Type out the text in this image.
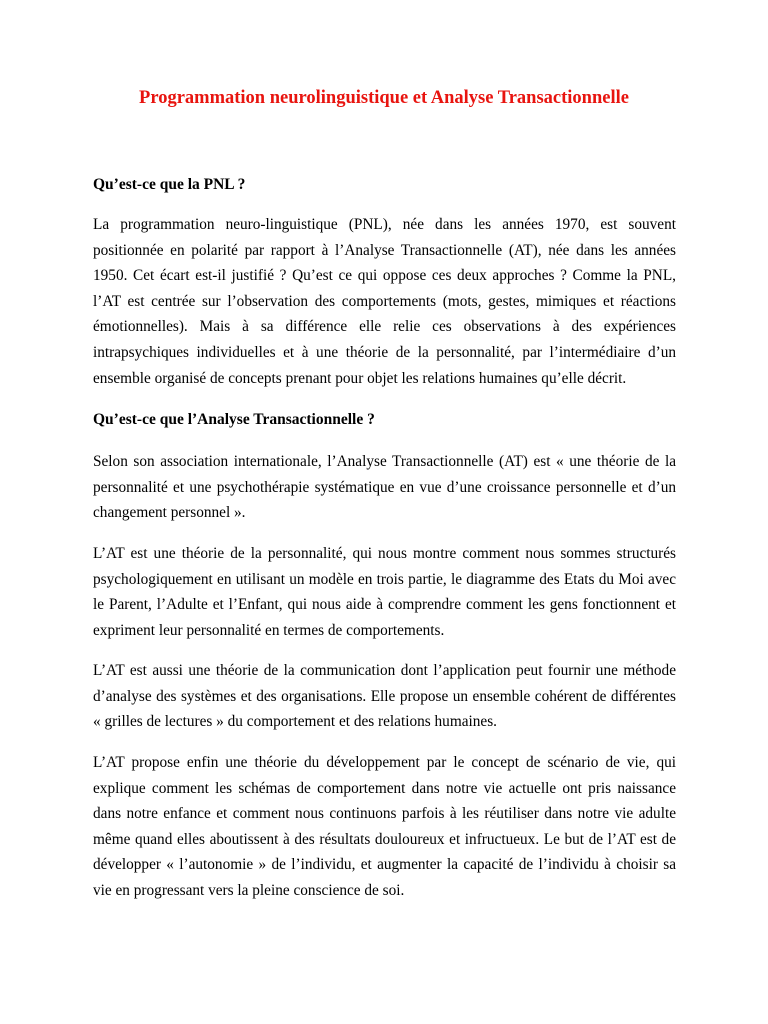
Programmation neurolinguistique et Analyse Transactionnelle
Qu’est-ce que la PNL ?

La programmation neuro-linguistique (PNL), née dans les années 1970, est souvent positionnée en polarité par rapport à l’Analyse Transactionnelle (AT), née dans les années 1950. Cet écart est-il justifié ? Qu’est ce qui oppose ces deux approches ? Comme la PNL, l’AT est centrée sur l’observation des comportements (mots, gestes, mimiques et réactions émotionnelles). Mais à sa différence elle relie ces observations à des expériences intrapsychiques individuelles et à une théorie de la personnalité, par l’intermédiaire d’un ensemble organisé de concepts prenant pour objet les relations humaines qu’elle décrit.

Qu’est-ce que l’Analyse Transactionnelle ?

Selon son association internationale, l’Analyse Transactionnelle (AT) est « une théorie de la personnalité et une psychothérapie systématique en vue d’une croissance personnelle et d’un changement personnel ».

L’AT est une théorie de la personnalité, qui nous montre comment nous sommes structurés psychologiquement en utilisant un modèle en trois partie, le diagramme des Etats du Moi avec le Parent, l’Adulte et l’Enfant, qui nous aide à comprendre comment les gens fonctionnent et expriment leur personnalité en termes de comportements.

L’AT est aussi une théorie de la communication dont l’application peut fournir une méthode d’analyse des systèmes et des organisations. Elle propose un ensemble cohérent de différentes « grilles de lectures » du comportement et des relations humaines.

L’AT propose enfin une théorie du développement par le concept de scénario de vie, qui explique comment les schémas de comportement dans notre vie actuelle ont pris naissance dans notre enfance et comment nous continuons parfois à les réutiliser dans notre vie adulte même quand elles aboutissent à des résultats douloureux et infructueux. Le but de l’AT est de développer « l’autonomie » de l’individu, et augmenter la capacité de l’individu à choisir sa vie en progressant vers la pleine conscience de soi.
